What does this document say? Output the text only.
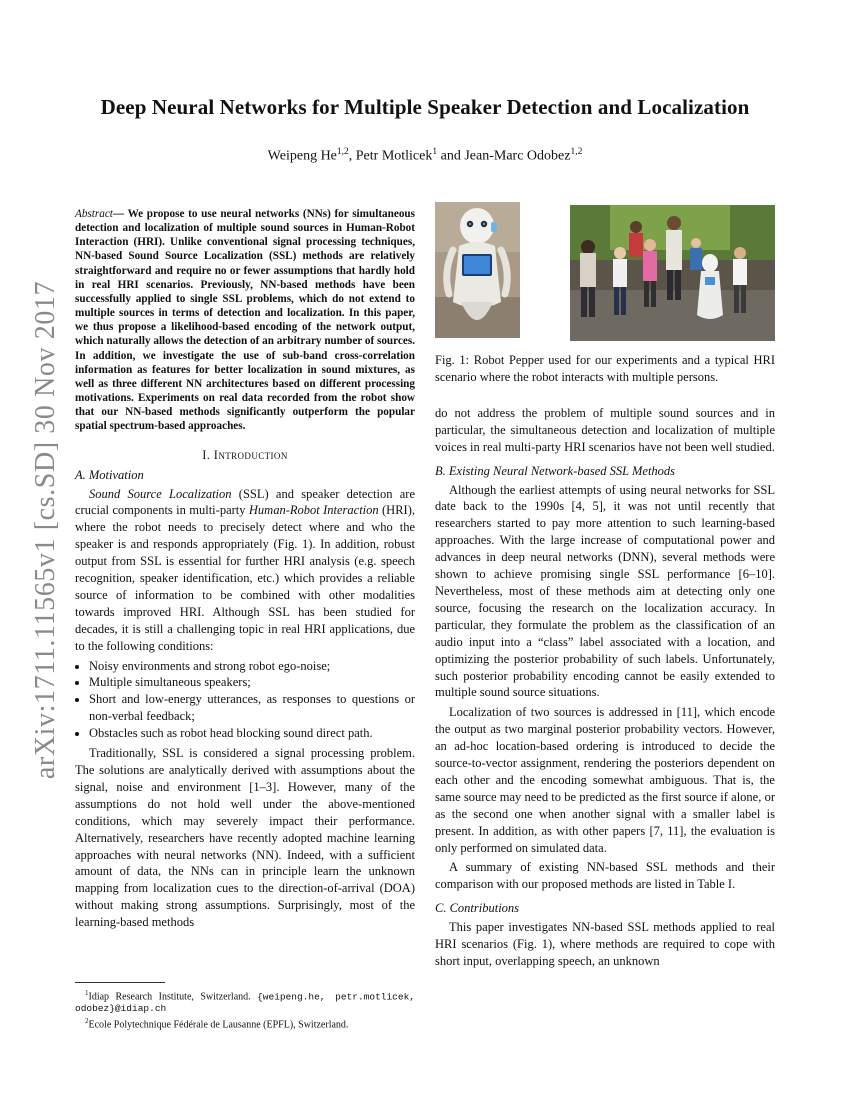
arXiv:1711.11565v1 [cs.SD] 30 Nov 2017
Deep Neural Networks for Multiple Speaker Detection and Localization
Weipeng He$^{1,2}$, Petr Motlicek$^1$ and Jean-Marc Odobez$^{1,2}$
Abstract— We propose to use neural networks (NNs) for simultaneous detection and localization of multiple sound sources in Human-Robot Interaction (HRI). Unlike conventional signal processing techniques, NN-based Sound Source Localization (SSL) methods are relatively straightforward and require no or fewer assumptions that hardly hold in real HRI scenarios. Previously, NN-based methods have been successfully applied to single SSL problems, which do not extend to multiple sources in terms of detection and localization. In this paper, we thus propose a likelihood-based encoding of the network output, which naturally allows the detection of an arbitrary number of sources. In addition, we investigate the use of sub-band cross-correlation information as features for better localization in sound mixtures, as well as three different NN architectures based on different processing motivations. Experiments on real data recorded from the robot show that our NN-based methods significantly outperform the popular spatial spectrum-based approaches.
I. Introduction
A. Motivation

Sound Source Localization (SSL) and speaker detection are crucial components in multi-party Human-Robot Interaction (HRI), where the robot needs to precisely detect where and who the speaker is and responds appropriately (Fig. 1). In addition, robust output from SSL is essential for further HRI analysis (e.g. speech recognition, speaker identification, etc.) which provides a reliable source of information to be combined with other modalities towards improved HRI. Although SSL has been studied for decades, it is still a challenging topic in real HRI applications, due to the following conditions:

• Noisy environments and strong robot ego-noise;
• Multiple simultaneous speakers;
• Short and low-energy utterances, as responses to questions or non-verbal feedback;
• Obstacles such as robot head blocking sound direct path.

Traditionally, SSL is considered a signal processing problem. The solutions are analytically derived with assumptions about the signal, noise and environment [1–3]. However, many of the assumptions do not hold well under the above-mentioned conditions, which may severely impact their performance. Alternatively, researchers have recently adopted machine learning approaches with neural networks (NN). Indeed, with a sufficient amount of data, the NNs can in principle learn the unknown mapping from localization cues to the direction-of-arrival (DOA) without making strong assumptions. Surprisingly, most of the learning-based methods

$^1$Idiap Research Institute, Switzerland. {weipeng.he, petr.motlicek, odobez}@idiap.ch
$^2$Ecole Polytechnique Fédérale de Lausanne (EPFL), Switzerland.
Fig. 1: Robot Pepper used for our experiments and a typical HRI scenario where the robot interacts with multiple persons.

do not address the problem of multiple sound sources and in particular, the simultaneous detection and localization of multiple voices in real multi-party HRI scenarios have not been well studied.

B. Existing Neural Network-based SSL Methods

Although the earliest attempts of using neural networks for SSL date back to the 1990s [4, 5], it was not until recently that researchers started to pay more attention to such learning-based approaches. With the large increase of computational power and advances in deep neural networks (DNN), several methods were shown to achieve promising single SSL performance [6–10]. Nevertheless, most of these methods aim at detecting only one source, focusing the research on the localization accuracy. In particular, they formulate the problem as the classification of an audio input into a “class” label associated with a location, and optimizing the posterior probability of such labels. Unfortunately, such posterior probability encoding cannot be easily extended to multiple sound source situations.

Localization of two sources is addressed in [11], which encode the output as two marginal posterior probability vectors. However, an ad-hoc location-based ordering is introduced to decide the source-to-vector assignment, rendering the posteriors dependent on each other and the encoding somewhat ambiguous. That is, the same source may need to be predicted as the first source if alone, or as the second one when another signal with a smaller label is present. In addition, as with other papers [7, 11], the evaluation is only performed on simulated data.

A summary of existing NN-based SSL methods and their comparison with our proposed methods are listed in Table I.

C. Contributions

This paper investigates NN-based SSL methods applied to real HRI scenarios (Fig. 1), where methods are required to cope with short input, overlapping speech, an unknown
